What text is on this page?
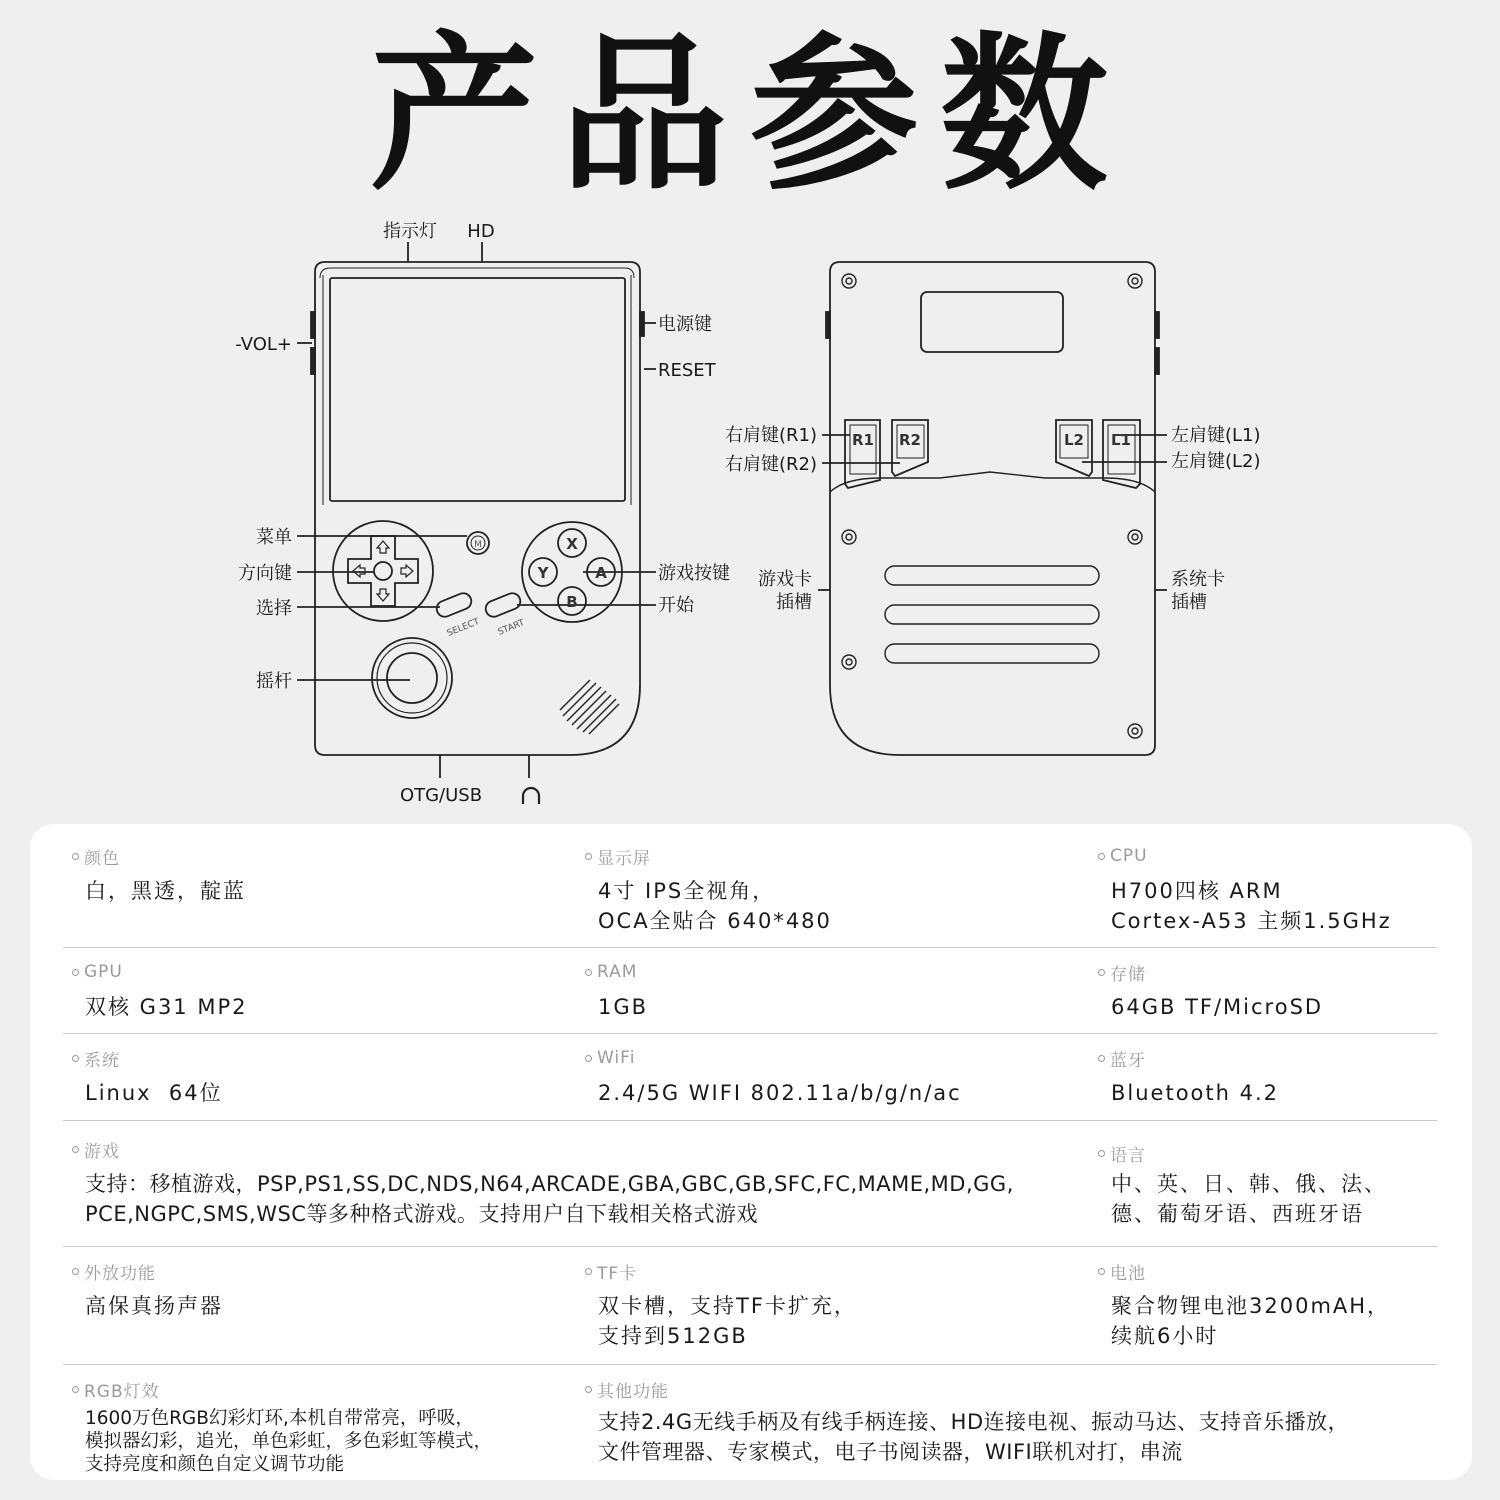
产品参数
X
Y	A
B
M
SELECT START
R1 R2	L2 L1
指示灯 HD
-VOL+
电源键
RESET
菜单
方向键
选择
摇杆
游戏按键
开始
OTG/USB
右肩键(R1)
右肩键(R2)
左肩键(L1)
左肩键(L2)
游戏卡
插槽
系统卡
插槽
颜色
白，黑透，靛蓝
显示屏
4寸 IPS全视角，
OCA全贴合 640*480
CPU
H700四核 ARM
Cortex-A53 主频1.5GHz
GPU
双核 G31 MP2
RAM
1GB
存储
64GB TF/MicroSD
系统
Linux  64位
WiFi
2.4/5G WIFI 802.11a/b/g/n/ac
蓝牙
Bluetooth 4.2
游戏
支持：移植游戏，PSP,PS1,SS,DC,NDS,N64,ARCADE,GBA,GBC,GB,SFC,FC,MAME,MD,GG,
PCE,NGPC,SMS,WSC等多种格式游戏。支持用户自下载相关格式游戏
语言
中、英、日、韩、俄、法、
德、葡萄牙语、西班牙语
外放功能
高保真扬声器
TF卡
双卡槽，支持TF卡扩充，
支持到512GB
电池
聚合物锂电池3200mAH，
续航6小时
RGB灯效
1600万色RGB幻彩灯环,本机自带常亮，呼吸，
模拟器幻彩，追光，单色彩虹，多色彩虹等模式，
支持亮度和颜色自定义调节功能
其他功能
支持2.4G无线手柄及有线手柄连接、HD连接电视、振动马达、支持音乐播放，
文件管理器、专家模式，电子书阅读器，WIFI联机对打，串流
